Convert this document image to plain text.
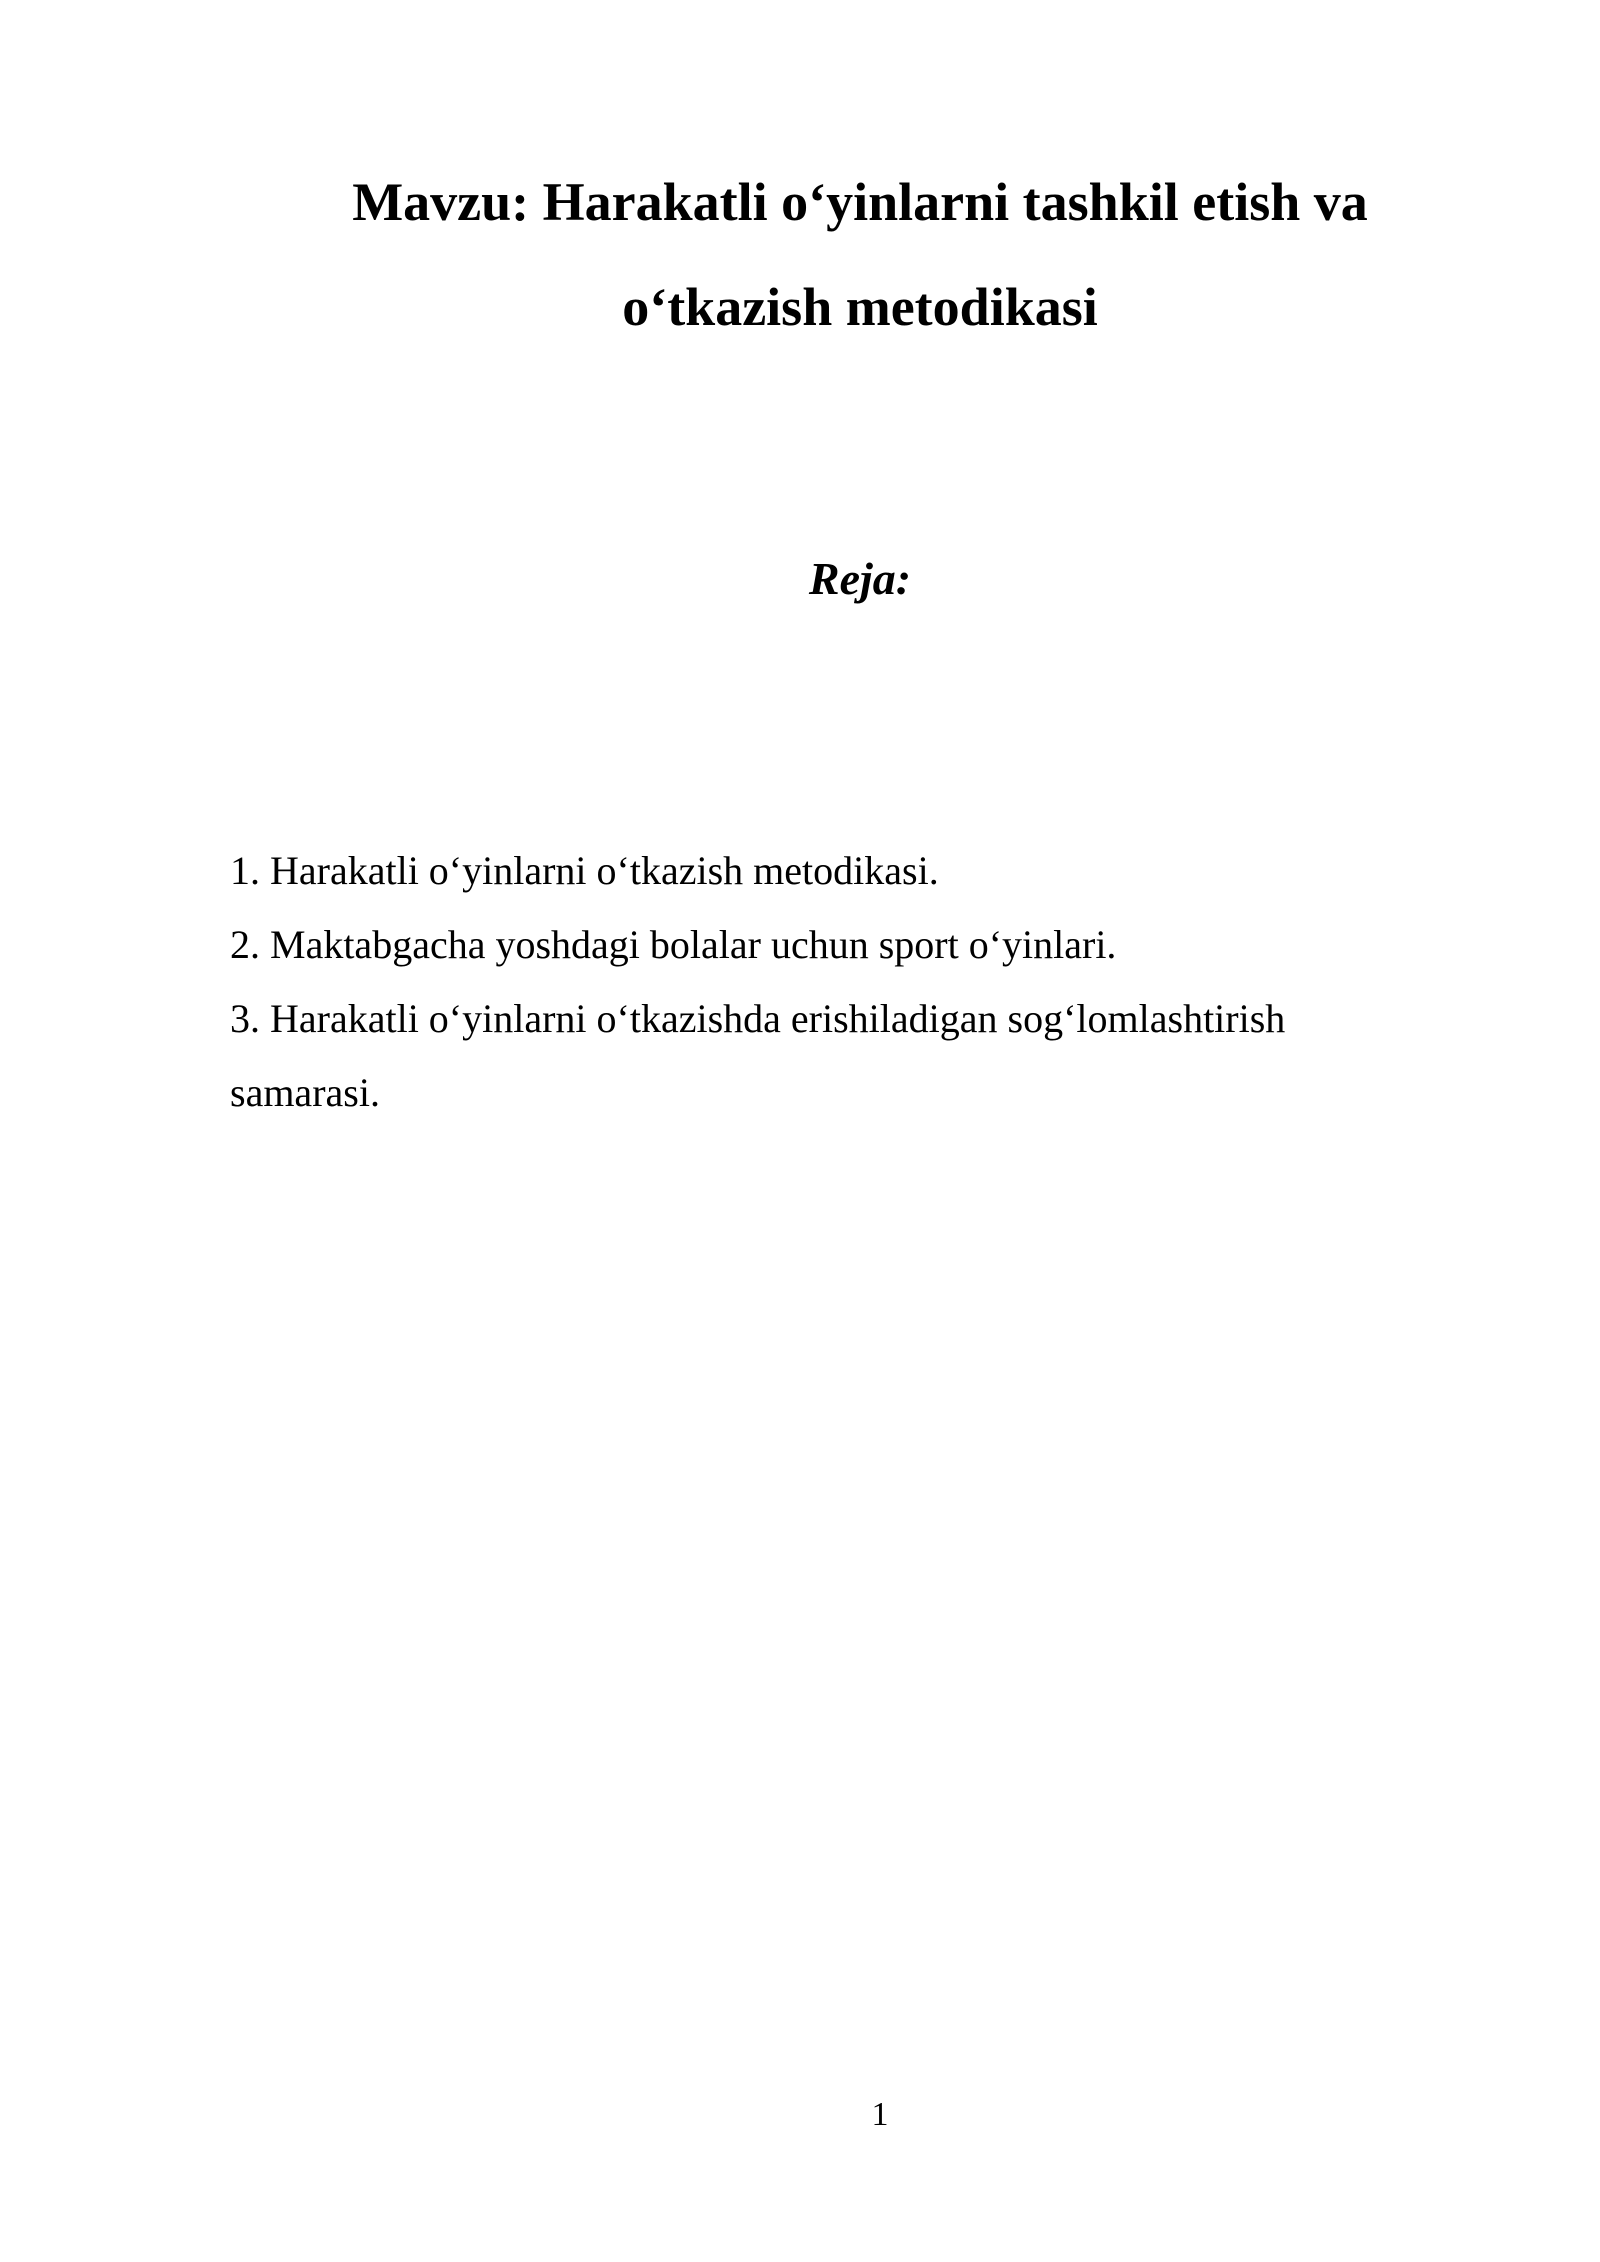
Mavzu: Harakatli o‘yinlarni tashkil etish va
o‘tkazish metodikasi
Reja:
1. Harakatli o‘yinlarni o‘tkazish metodikasi.
2. Maktabgacha yoshdagi bolalar uchun sport o‘yinlari.
3. Harakatli o‘yinlarni o‘tkazishda erishiladigan sog‘lomlashtirish samarasi.
1
